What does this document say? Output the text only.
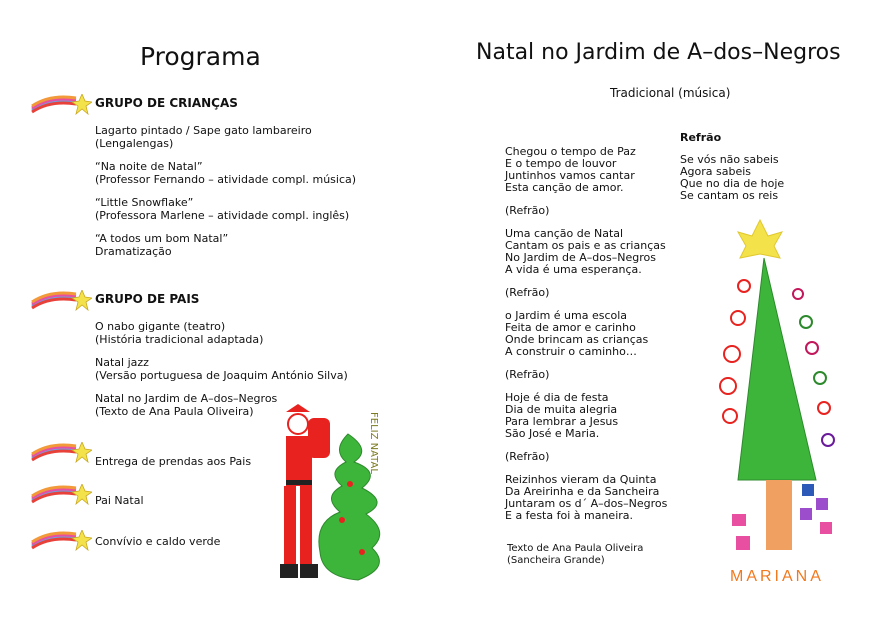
Programa
GRUPO DE CRIANÇAS
Lagarto pintado / Sape gato lambareiro
(Lengalengas)
“Na noite de Natal”
(Professor Fernando – atividade compl. música)
“Little Snowflake”
(Professora Marlene – atividade compl. inglês)
“A todos um bom Natal”
Dramatização
GRUPO DE PAIS
O nabo gigante (teatro)
(História tradicional adaptada)
Natal jazz
(Versão portuguesa de Joaquim António Silva)
Natal no Jardim de A–dos–Negros
(Texto de Ana Paula Oliveira)
Entrega de prendas aos Pais
Pai Natal
Convívio e caldo verde
FELIZ NATAL
Natal no Jardim de A–dos–Negros
Tradicional (música)
Chegou o tempo de Paz
E o tempo de louvor
Juntinhos vamos cantar
Esta canção de amor.
(Refrão)
Uma canção de Natal
Cantam os pais e as crianças
No Jardim de A–dos–Negros
A vida é uma esperança.
(Refrão)
o Jardim é uma escola
Feita de amor e carinho
Onde brincam as crianças
A construir o caminho…
(Refrão)
Hoje é dia de festa
Dia de muita alegria
Para lembrar a Jesus
São José e Maria.
(Refrão)
Reizinhos vieram da Quinta
Da Areirinha e da Sancheira
Juntaram os d´ A–dos–Negros
E a festa foi à maneira.
Refrão
Se vós não sabeis
Agora sabeis
Que no dia de hoje
Se cantam os reis
Texto de Ana Paula Oliveira
(Sancheira Grande)
MARIANA
